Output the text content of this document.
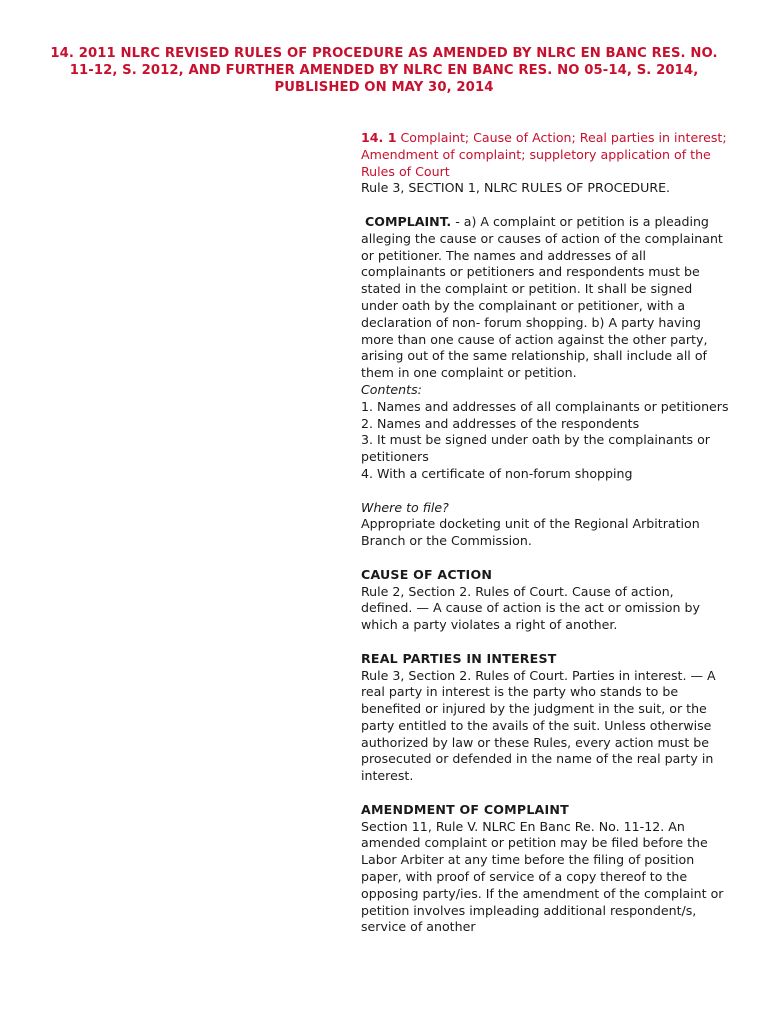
14. 2011 NLRC REVISED RULES OF PROCEDURE AS AMENDED BY NLRC EN BANC RES. NO. 11-12, S. 2012, AND FURTHER AMENDED BY NLRC EN BANC RES. NO 05-14, S. 2014, PUBLISHED ON MAY 30, 2014

14. 1 Complaint; Cause of Action; Real parties in interest; Amendment of complaint; suppletory application of the Rules of Court

Rule 3, SECTION 1, NLRC RULES OF PROCEDURE.

COMPLAINT. - a) A complaint or petition is a pleading alleging the cause or causes of action of the complainant or petitioner. The names and addresses of all complainants or petitioners and respondents must be stated in the complaint or petition. It shall be signed under oath by the complainant or petitioner, with a declaration of non- forum shopping. b) A party having more than one cause of action against the other party, arising out of the same relationship, shall include all of them in one complaint or petition.

Contents:

1. Names and addresses of all complainants or petitioners

2. Names and addresses of the respondents

3. It must be signed under oath by the complainants or petitioners

4. With a certificate of non-forum shopping

Where to file?

Appropriate docketing unit of the Regional Arbitration Branch or the Commission.

CAUSE OF ACTION

Rule 2, Section 2. Rules of Court. Cause of action, defined. — A cause of action is the act or omission by which a party violates a right of another.

REAL PARTIES IN INTEREST

Rule 3, Section 2. Rules of Court. Parties in interest. — A real party in interest is the party who stands to be benefited or injured by the judgment in the suit, or the party entitled to the avails of the suit. Unless otherwise authorized by law or these Rules, every action must be prosecuted or defended in the name of the real party in interest.

AMENDMENT OF COMPLAINT

Section 11, Rule V. NLRC En Banc Re. No. 11-12. An amended complaint or petition may be filed before the Labor Arbiter at any time before the filing of position paper, with proof of service of a copy thereof to the opposing party/ies. If the amendment of the complaint or petition involves impleading additional respondent/s, service of another
